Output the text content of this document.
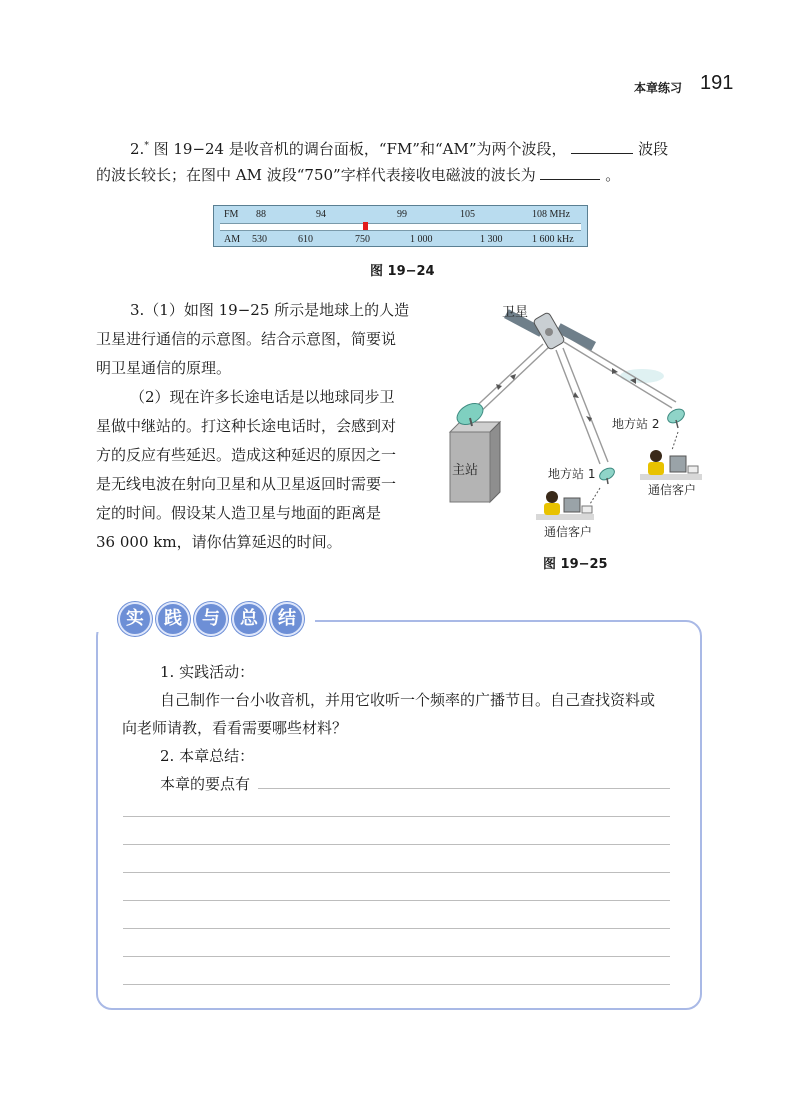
本章练习 191
2.* 图 19−24 是收音机的调台面板，“FM”和“AM”为两个波段，	波段
的波长较长；在图中 AM 波段“750”字样代表接收电磁波的波长为	。
FM 88	94	99	105	108 MHz
AM 530	610	750	1 000	1 300	1 600 kHz
图 19−24
3.（1）如图 19−25 所示是地球上的人造
卫星进行通信的示意图。结合示意图，简要说
明卫星通信的原理。
（2）现在许多长途电话是以地球同步卫
星做中继站的。打这种长途电话时，会感到对
方的反应有些延迟。造成这种延迟的原因之一
是无线电波在射向卫星和从卫星返回时需要一
定的时间。假设某人造卫星与地面的距离是
36 000 km，请你估算延迟的时间。
卫星
主站	地方站 1
地方站 2
通信客户
通信客户
图 19−25
实	践	与	总	结
1. 实践活动：
自己制作一台小收音机，并用它收听一个频率的广播节目。自己查找资料或
向老师请教，看看需要哪些材料？
2. 本章总结：
本章的要点有
